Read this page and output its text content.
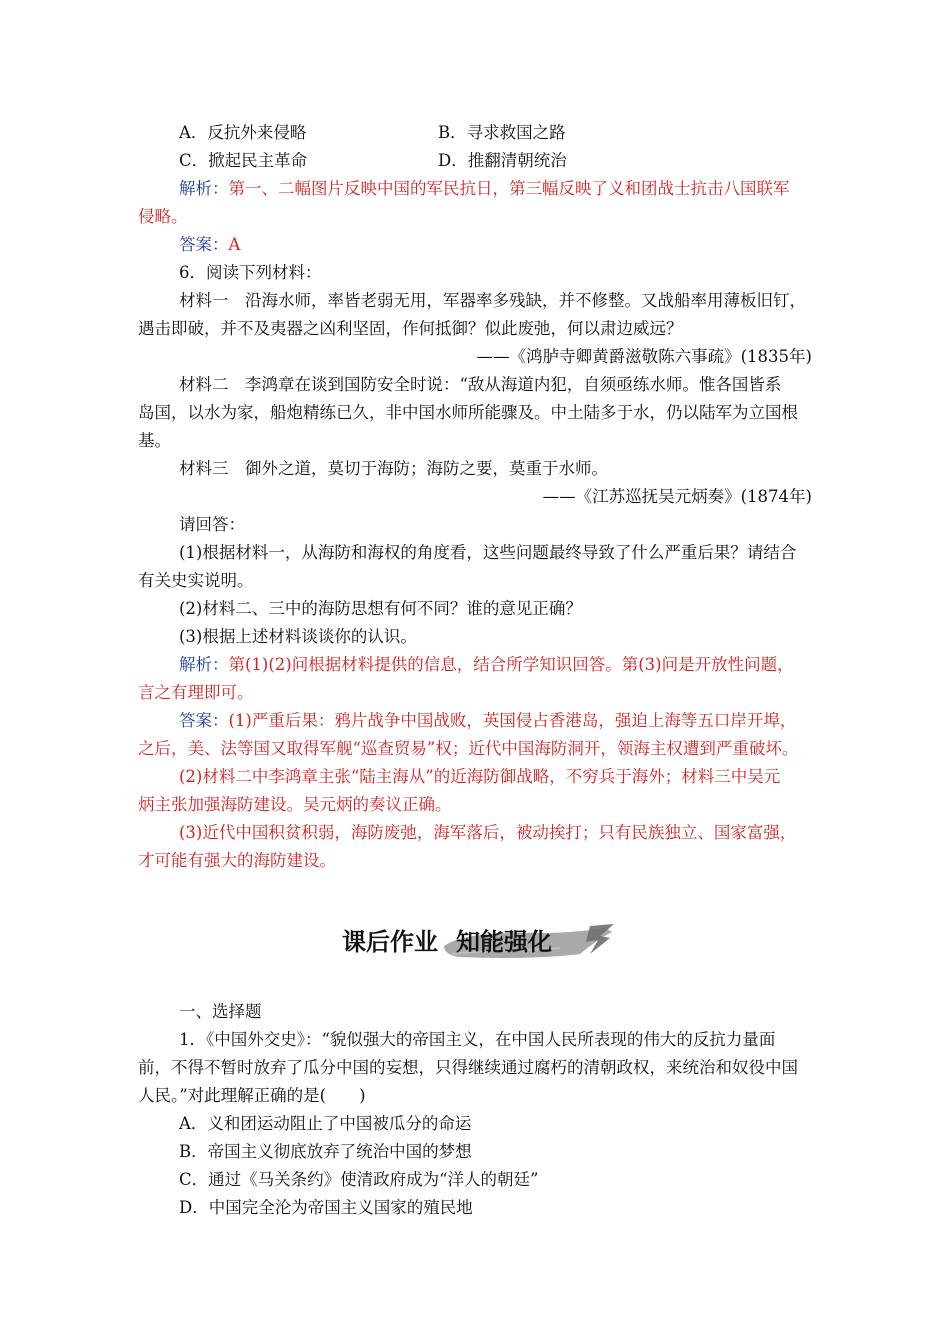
A．反抗外来侵略	B．寻求救国之路
C．掀起民主革命	D．推翻清朝统治
解析：第一、二幅图片反映中国的军民抗日，第三幅反映了义和团战士抗击八国联军
侵略。
答案：A
6．阅读下列材料：
材料一　沿海水师，率皆老弱无用，军器率多残缺，并不修整。又战船率用薄板旧钉，
遇击即破，并不及夷器之凶利坚固，作何抵御？似此废弛，何以肃边威远？
——《鸿胪寺卿黄爵滋敬陈六事疏》(1835年)
材料二　李鸿章在谈到国防安全时说：“敌从海道内犯，自须亟练水师。惟各国皆系
岛国，以水为家，船炮精练已久，非中国水师所能骤及。中土陆多于水，仍以陆军为立国根
基。
材料三　御外之道，莫切于海防；海防之要，莫重于水师。
——《江苏巡抚吴元炳奏》(1874年)
请回答：
(1)根据材料一，从海防和海权的角度看，这些问题最终导致了什么严重后果？请结合
有关史实说明。
(2)材料二、三中的海防思想有何不同？谁的意见正确？
(3)根据上述材料谈谈你的认识。
解析：第(1)(2)问根据材料提供的信息，结合所学知识回答。第(3)问是开放性问题，
言之有理即可。
答案：(1)严重后果：鸦片战争中国战败，英国侵占香港岛，强迫上海等五口岸开埠，
之后，美、法等国又取得军舰“巡查贸易”权；近代中国海防洞开，领海主权遭到严重破坏。
(2)材料二中李鸿章主张“陆主海从”的近海防御战略，不穷兵于海外；材料三中吴元
炳主张加强海防建设。吴元炳的奏议正确。
(3)近代中国积贫积弱，海防废弛，海军落后，被动挨打；只有民族独立、国家富强，
才可能有强大的海防建设。
课后作业 知能强化
一、选择题
1．《中国外交史》：“貌似强大的帝国主义，在中国人民所表现的伟大的反抗力量面
前，不得不暂时放弃了瓜分中国的妄想，只得继续通过腐朽的清朝政权，来统治和奴役中国
人民。”对此理解正确的是(　　)
A．义和团运动阻止了中国被瓜分的命运
B．帝国主义彻底放弃了统治中国的梦想
C．通过《马关条约》使清政府成为“洋人的朝廷”
D．中国完全沦为帝国主义国家的殖民地
